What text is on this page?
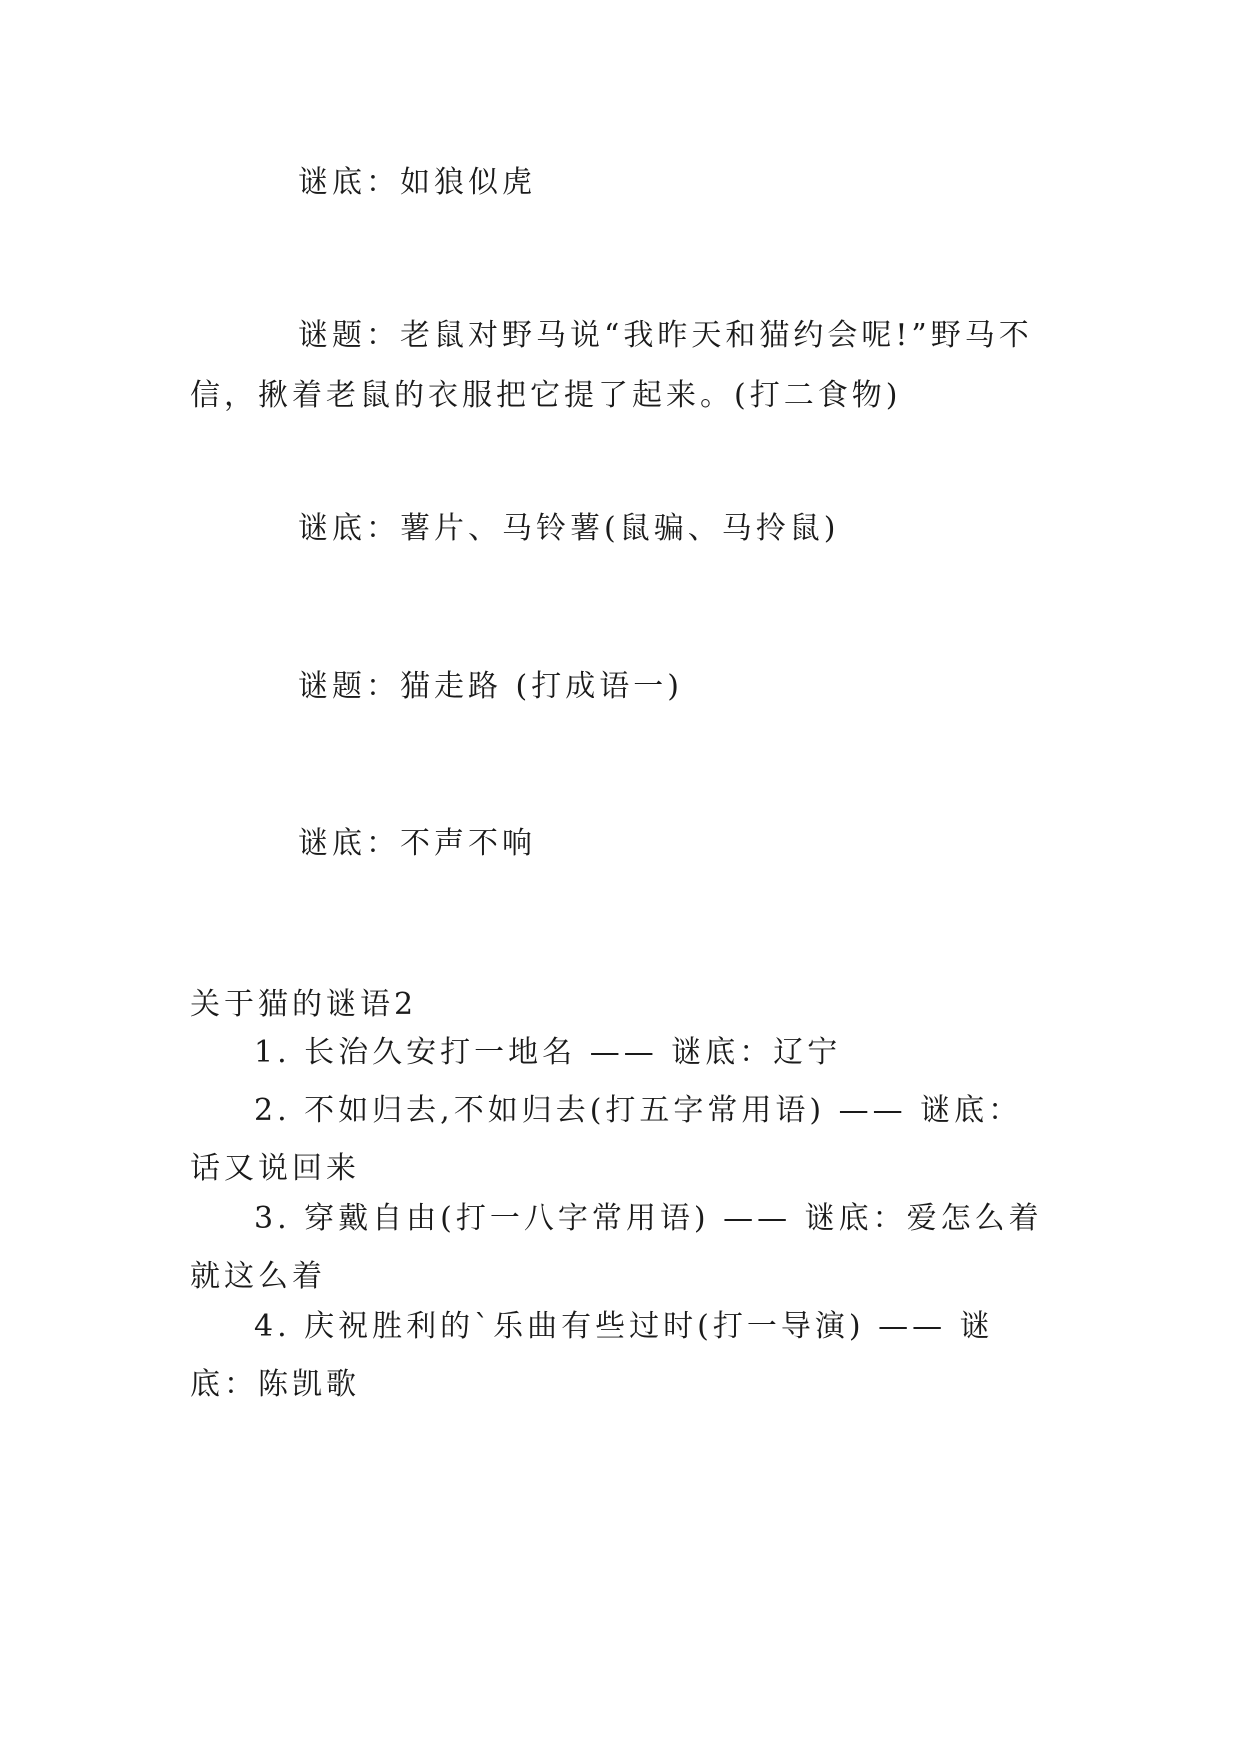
谜底：如狼似虎
谜题：老鼠对野马说“我昨天和猫约会呢!”野马不信，揪着老鼠的衣服把它提了起来。(打二食物)
谜底：薯片、马铃薯(鼠骗、马拎鼠)
谜题：猫走路 (打成语一)
谜底：不声不响
关于猫的谜语2
1. 长治久安打一地名 —— 谜底：辽宁
2. 不如归去,不如归去(打五字常用语) —— 谜底：话又说回来
3. 穿戴自由(打一八字常用语) —— 谜底：爱怎么着就这么着
4. 庆祝胜利的`乐曲有些过时(打一导演) —— 谜底：陈凯歌
